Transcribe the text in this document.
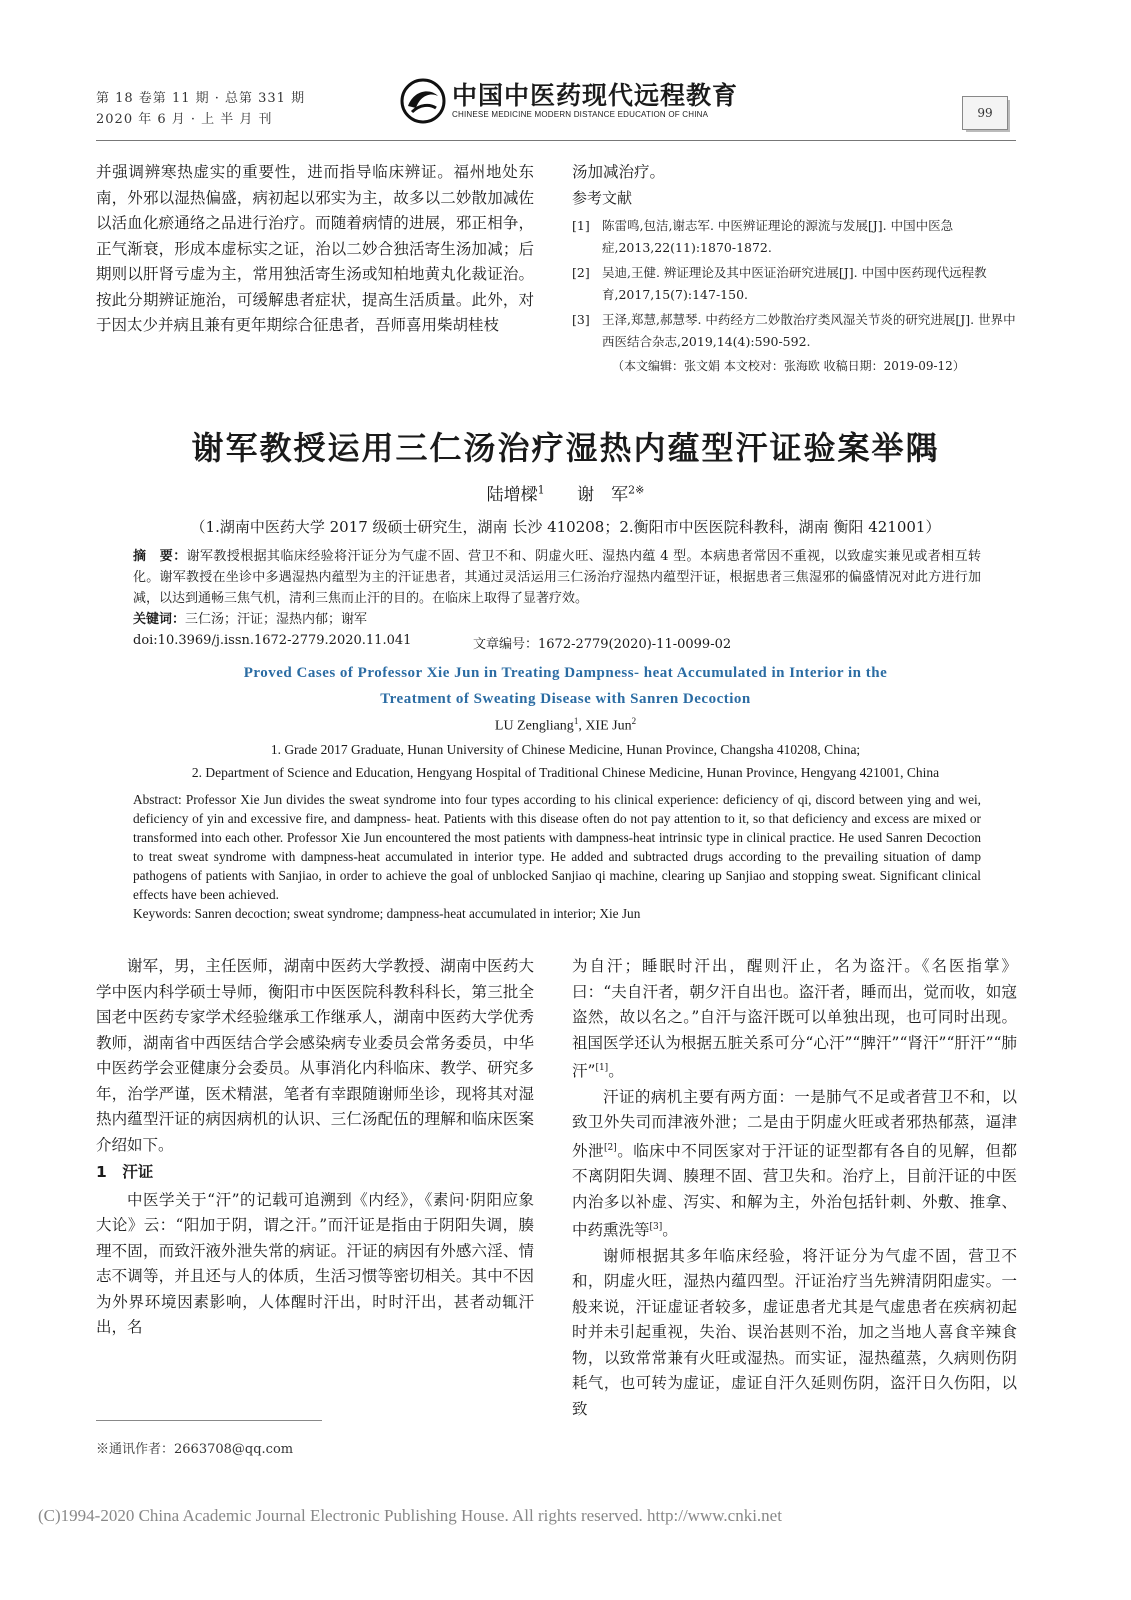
第 18 卷第 11 期 · 总第 331 期
2020 年 6 月 · 上 半 月 刊
中国中医药现代远程教育
CHINESE MEDICINE MODERN DISTANCE EDUCATION OF CHINA	99

并强调辨寒热虚实的重要性，进而指导临床辨证。福州地处东南，外邪以湿热偏盛，病初起以邪实为主，故多以二妙散加减佐以活血化瘀通络之品进行治疗。而随着病情的进展，邪正相争，正气渐衰，形成本虚标实之证，治以二妙合独活寄生汤加减；后期则以肝肾亏虚为主，常用独活寄生汤或知柏地黄丸化裁证治。按此分期辨证施治，可缓解患者症状，提高生活质量。此外，对于因太少并病且兼有更年期综合征患者，吾师喜用柴胡桂枝

汤加减治疗。
参考文献
[1] 陈雷鸣,包洁,谢志军. 中医辨证理论的源流与发展[J]. 中国中医急症,2013,22(11):1870-1872.
[2] 吴迪,王健. 辨证理论及其中医证治研究进展[J]. 中国中医药现代远程教育,2017,15(7):147-150.
[3] 王泽,郑慧,郝慧琴. 中药经方二妙散治疗类风湿关节炎的研究进展[J]. 世界中西医结合杂志,2019,14(4):590-592.
（本文编辑：张文娟 本文校对：张海欧 收稿日期：2019-09-12）
谢军教授运用三仁汤治疗湿热内蕴型汗证验案举隅
陆增樑$^1$ 谢　军$^{2※}$
（1.湖南中医药大学 2017 级硕士研究生，湖南 长沙 410208；2.衡阳市中医医院科教科，湖南 衡阳 421001）
摘　要：谢军教授根据其临床经验将汗证分为气虚不固、营卫不和、阴虚火旺、湿热内蕴 4 型。本病患者常因不重视，以致虚实兼见或者相互转化。谢军教授在坐诊中多遇湿热内蕴型为主的汗证患者，其通过灵活运用三仁汤治疗湿热内蕴型汗证，根据患者三焦湿邪的偏盛情况对此方进行加减，以达到通畅三焦气机，清利三焦而止汗的目的。在临床上取得了显著疗效。
关键词：三仁汤；汗证；湿热内郁；谢军
doi:10.3969/j.issn.1672-2779.2020.11.041	文章编号：1672-2779(2020)-11-0099-02
Proved Cases of Professor Xie Jun in Treating Dampness- heat Accumulated in Interior in the
Treatment of Sweating Disease with Sanren Decoction
LU Zengliang$^1$, XIE Jun$^2$
1. Grade 2017 Graduate, Hunan University of Chinese Medicine, Hunan Province, Changsha 410208, China;
2. Department of Science and Education, Hengyang Hospital of Traditional Chinese Medicine, Hunan Province, Hengyang 421001, China

Abstract: Professor Xie Jun divides the sweat syndrome into four types according to his clinical experience: deficiency of qi, discord between ying and wei, deficiency of yin and excessive fire, and dampness- heat. Patients with this disease often do not pay attention to it, so that deficiency and excess are mixed or transformed into each other. Professor Xie Jun encountered the most patients with dampness-heat intrinsic type in clinical practice. He used Sanren Decoction to treat sweat syndrome with dampness-heat accumulated in interior type. He added and subtracted drugs according to the prevailing situation of damp pathogens of patients with Sanjiao, in order to achieve the goal of unblocked Sanjiao qi machine, clearing up Sanjiao and stopping sweat. Significant clinical effects have been achieved.

Keywords: Sanren decoction; sweat syndrome; dampness-heat accumulated in interior; Xie Jun

谢军，男，主任医师，湖南中医药大学教授、湖南中医药大学中医内科学硕士导师，衡阳市中医医院科教科科长，第三批全国老中医药专家学术经验继承工作继承人，湖南中医药大学优秀教师，湖南省中西医结合学会感染病专业委员会常务委员，中华中医药学会亚健康分会委员。从事消化内科临床、教学、研究多年，治学严谨，医术精湛，笔者有幸跟随谢师坐诊，现将其对湿热内蕴型汗证的病因病机的认识、三仁汤配伍的理解和临床医案介绍如下。

1　汗证

中医学关于“汗”的记载可追溯到《内经》，《素问·阴阳应象大论》云：“阳加于阴，谓之汗。”而汗证是指由于阴阳失调，腠理不固，而致汗液外泄失常的病证。汗证的病因有外感六淫、情志不调等，并且还与人的体质，生活习惯等密切相关。其中不因为外界环境因素影响，人体醒时汗出，时时汗出，甚者动辄汗出，名

为自汗；睡眠时汗出，醒则汗止，名为盗汗。《名医指掌》曰：“夫自汗者，朝夕汗自出也。盗汗者，睡而出，觉而收，如寇盗然，故以名之。”自汗与盗汗既可以单独出现，也可同时出现。祖国医学还认为根据五脏关系可分“心汗”“脾汗”“肾汗”“肝汗”“肺汗”[1]。

汗证的病机主要有两方面：一是肺气不足或者营卫不和，以致卫外失司而津液外泄；二是由于阴虚火旺或者邪热郁蒸，逼津外泄[2]。临床中不同医家对于汗证的证型都有各自的见解，但都不离阴阳失调、腠理不固、营卫失和。治疗上，目前汗证的中医内治多以补虚、泻实、和解为主，外治包括针刺、外敷、推拿、中药熏洗等[3]。

谢师根据其多年临床经验，将汗证分为气虚不固，营卫不和，阴虚火旺，湿热内蕴四型。汗证治疗当先辨清阴阳虚实。一般来说，汗证虚证者较多，虚证患者尤其是气虚患者在疾病初起时并未引起重视，失治、误治甚则不治，加之当地人喜食辛辣食物，以致常常兼有火旺或湿热。而实证，湿热蕴蒸，久病则伤阴耗气，也可转为虚证，虚证自汗久延则伤阴，盗汗日久伤阳，以致

※通讯作者：2663708@qq.com
(C)1994-2020 China Academic Journal Electronic Publishing House. All rights reserved. http://www.cnki.net
